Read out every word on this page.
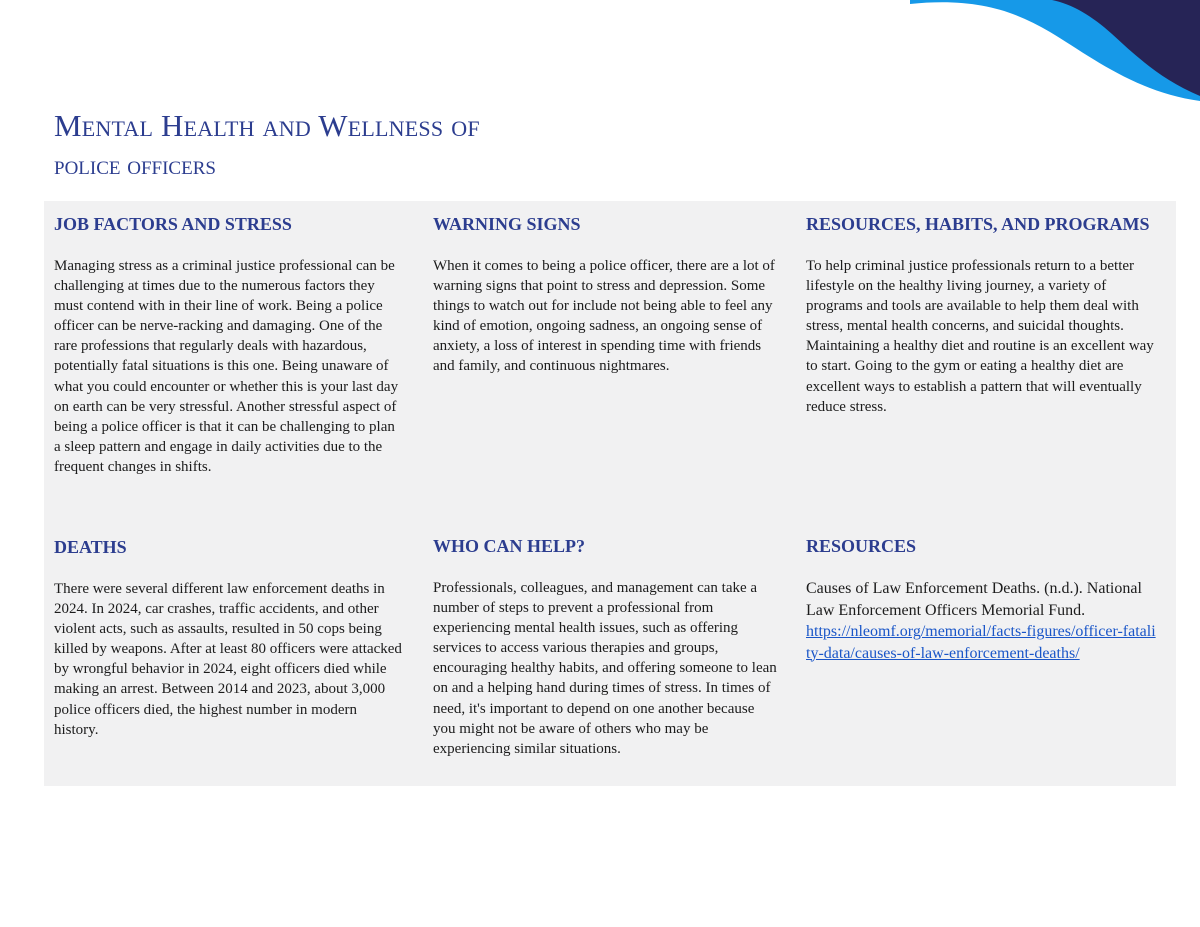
Mental Health and Wellness of
police officers
JOB FACTORS AND STRESS

Managing stress as a criminal justice professional can be challenging at times due to the numerous factors they must contend with in their line of work. Being a police officer can be nerve-racking and damaging. One of the rare professions that regularly deals with hazardous, potentially fatal situations is this one. Being unaware of what you could encounter or whether this is your last day on earth can be very stressful. Another stressful aspect of being a police officer is that it can be challenging to plan a sleep pattern and engage in daily activities due to the frequent changes in shifts.

WARNING SIGNS

When it comes to being a police officer, there are a lot of warning signs that point to stress and depression. Some things to watch out for include not being able to feel any kind of emotion, ongoing sadness, an ongoing sense of anxiety, a loss of interest in spending time with friends and family, and continuous nightmares.

RESOURCES, HABITS, AND PROGRAMS

To help criminal justice professionals return to a better lifestyle on the healthy living journey, a variety of programs and tools are available to help them deal with stress, mental health concerns, and suicidal thoughts. Maintaining a healthy diet and routine is an excellent way to start. Going to the gym or eating a healthy diet are excellent ways to establish a pattern that will eventually reduce stress.

DEATHS

There were several different law enforcement deaths in 2024. In 2024, car crashes, traffic accidents, and other violent acts, such as assaults, resulted in 50 cops being killed by weapons. After at least 80 officers were attacked by wrongful behavior in 2024, eight officers died while making an arrest. Between 2014 and 2023, about 3,000 police officers died, the highest number in modern history.

WHO CAN HELP?

Professionals, colleagues, and management can take a number of steps to prevent a professional from experiencing mental health issues, such as offering services to access various therapies and groups, encouraging healthy habits, and offering someone to lean on and a helping hand during times of stress. In times of need, it's important to depend on one another because you might not be aware of others who may be experiencing similar situations.

RESOURCES

Causes of Law Enforcement Deaths. (n.d.). National Law Enforcement Officers Memorial Fund.

https://nleomf.org/memorial/facts-figures/officer-fatality-data/causes-of-law-enforcement-deaths/
